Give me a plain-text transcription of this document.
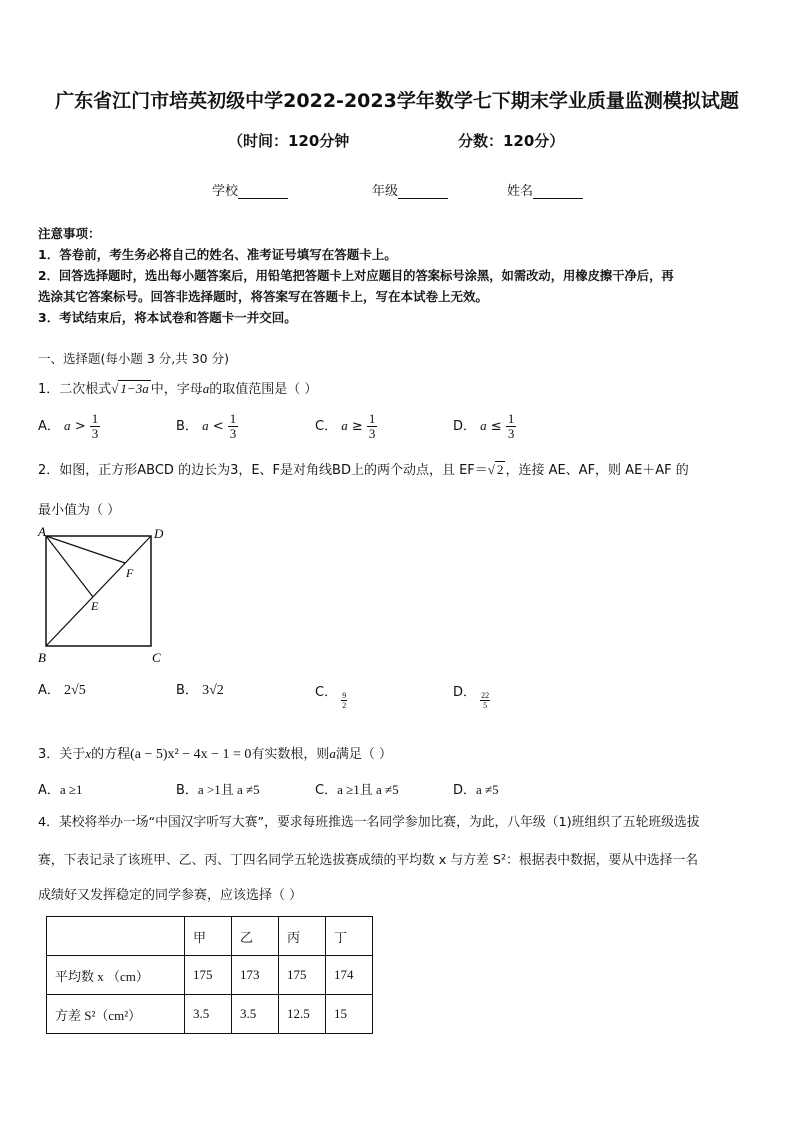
广东省江门市培英初级中学2022-2023学年数学七下期末学业质量监测模拟试题
（时间：120分钟	分数：120分）
学校	年级	姓名
注意事项：
1．答卷前，考生务必将自己的姓名、准考证号填写在答题卡上。
2．回答选择题时，选出每小题答案后，用铅笔把答题卡上对应题目的答案标号涂黑，如需改动，用橡皮擦干净后，再
选涂其它答案标号。回答非选择题时，将答案写在答题卡上，写在本试卷上无效。
3．考试结束后，将本试卷和答题卡一并交回。
一、选择题(每小题 3 分,共 30 分)
1．二次根式√ 1−3a 中，字母a的取值范围是（ ）
A． $a > \frac{1}{3}$	B． $a < \frac{1}{3}$	C． $a \ge \frac{1}{3}$	D． $a \le \frac{1}{3}$
2．如图，正方形ABCD 的边长为3，E、F是对角线BD上的两个动点，且 EF＝√ 2 ，连接 AE、AF，则 AE＋AF 的
最小值为（ ）
A	D
B	C
E
F
A． 2√5	B． 3√2	C． $\frac{9}{2}$	D． $\frac{22}{5}$
3．关于x的方程(a − 5)x² − 4x − 1 = 0有实数根，则a满足（ ）
A．a ≥1	B．a >1且 a ≠5	C．a ≥1且 a ≠5	D．a ≠5
4．某校将举办一场“中国汉字听写大赛”，要求每班推选一名同学参加比赛，为此，八年级（1)班组织了五轮班级选拔
赛，下表记录了该班甲、乙、丙、丁四名同学五轮选拔赛成绩的平均数 x 与方差 S²：根据表中数据，要从中选择一名
成绩好又发挥稳定的同学参赛，应该选择（ ）
	甲	乙	丙	丁
平均数 x （cm）	175	173	175	174
方差 S²（cm²）	3.5	3.5	12.5	15
